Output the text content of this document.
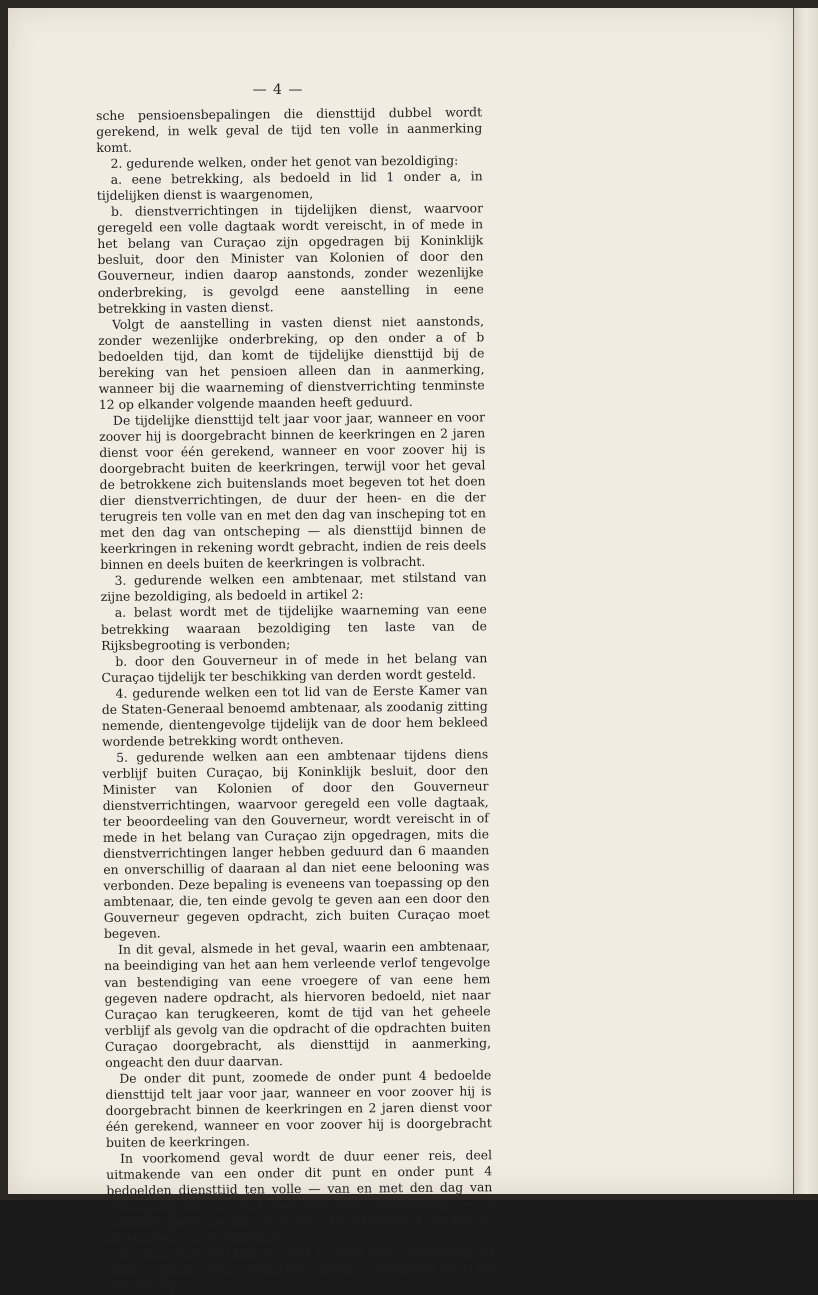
— 4 —

sche pensioensbepalingen die diensttijd dubbel wordt gerekend, in welk geval de tijd ten volle in aanmerking komt.

2. gedurende welken, onder het genot van bezoldiging:

a. eene betrekking, als bedoeld in lid 1 onder a, in tijdelijken dienst is waargenomen,

b. dienstverrichtingen in tijdelijken dienst, waarvoor geregeld een volle dagtaak wordt vereischt, in of mede in het belang van Curaçao zijn opgedragen bij Koninklijk besluit, door den Minister van Kolonien of door den Gouverneur, indien daarop aanstonds, zonder wezenlijke onderbreking, is gevolgd eene aanstelling in eene betrekking in vasten dienst.

Volgt de aanstelling in vasten dienst niet aanstonds, zonder wezenlijke onderbreking, op den onder a of b bedoelden tijd, dan komt de tijdelijke diensttijd bij de bereking van het pensioen alleen dan in aanmerking, wanneer bij die waarneming of dienstverrichting tenminste 12 op elkander volgende maanden heeft geduurd.

De tijdelijke diensttijd telt jaar voor jaar, wanneer en voor zoover hij is doorgebracht binnen de keerkringen en 2 jaren dienst voor één gerekend, wanneer en voor zoover hij is doorgebracht buiten de keerkringen, terwijl voor het geval de betrokkene zich buitenslands moet begeven tot het doen dier dienstverrichtingen, de duur der heen- en die der terugreis ten volle van en met den dag van inscheping tot en met den dag van ontscheping — als diensttijd binnen de keerkringen in rekening wordt gebracht, indien de reis deels binnen en deels buiten de keerkringen is volbracht.

3. gedurende welken een ambtenaar, met stilstand van zijne bezoldiging, als bedoeld in artikel 2:

a. belast wordt met de tijdelijke waarneming van eene betrekking waaraan bezoldiging ten laste van de Rijksbegrooting is verbonden;

b. door den Gouverneur in of mede in het belang van Curaçao tijdelijk ter beschikking van derden wordt gesteld.

4. gedurende welken een tot lid van de Eerste Kamer van de Staten-Generaal benoemd ambtenaar, als zoodanig zitting nemende, dientengevolge tijdelijk van de door hem bekleed wordende betrekking wordt ontheven.

5. gedurende welken aan een ambtenaar tijdens diens verblijf buiten Curaçao, bij Koninklijk besluit, door den Minister van Kolonien of door den Gouverneur dienstverrichtingen, waarvoor geregeld een volle dagtaak, ter beoordeeling van den Gouverneur, wordt vereischt in of mede in het belang van Curaçao zijn opgedragen, mits die dienstverrichtingen langer hebben geduurd dan 6 maanden en onverschillig of daaraan al dan niet eene belooning was verbonden. Deze bepaling is eveneens van toepassing op den ambtenaar, die, ten einde gevolg te geven aan een door den Gouverneur gegeven opdracht, zich buiten Curaçao moet begeven.

In dit geval, alsmede in het geval, waarin een ambtenaar, na beeindiging van het aan hem verleende verlof tengevolge van bestendiging van eene vroegere of van eene hem gegeven nadere opdracht, als hiervoren bedoeld, niet naar Curaçao kan terugkeeren, komt de tijd van het geheele verblijf als gevolg van die opdracht of die opdrachten buiten Curaçao doorgebracht, als diensttijd in aanmerking, ongeacht den duur daarvan.

De onder dit punt, zoomede de onder punt 4 bedoelde diensttijd telt jaar voor jaar, wanneer en voor zoover hij is doorgebracht binnen de keerkringen en 2 jaren dienst voor één gerekend, wanneer en voor zoover hij is doorgebracht buiten de keerkringen.

In voorkomend geval wordt de duur eener reis, deel uitmakende van een onder dit punt en onder punt 4 bedoelden diensttijd ten volle — van en met den dag van inscheping tot en met den dag van ontscheping — in rekening gebracht, indien de reis deels binnen, deels buiten de keerkringen is volbracht.

6. door den ambtenaar, met behoud van bezoldiging of onder genot van verlofbezoldiging, doorgebracht met vrijstelling
